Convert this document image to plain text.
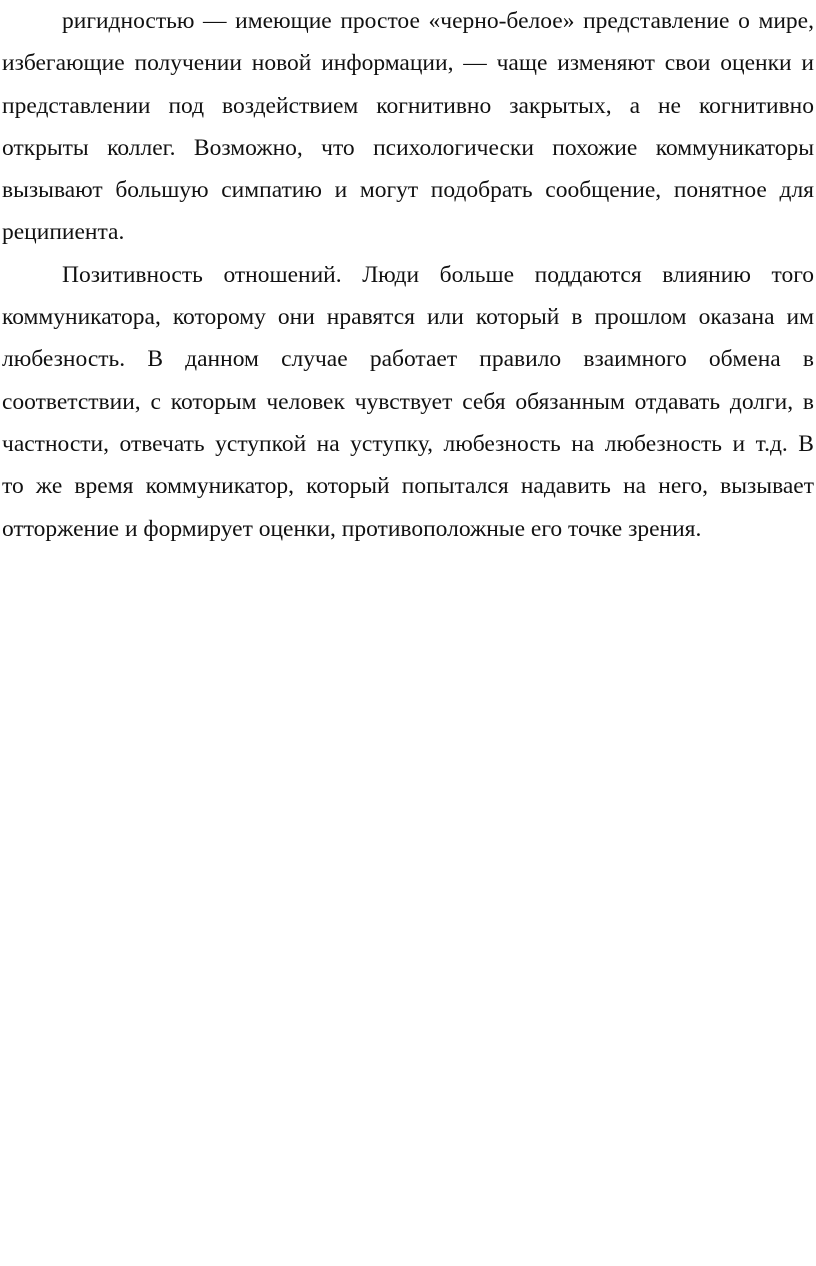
ригидностью — имеющие простое «черно-белое» представление о мире,
избегающие получении новой информации, — чаще изменяют свои оценки и
представлении под воздействием когнитивно закрытых, а не когнитивно
открыты коллег. Возможно, что психологически похожие коммуникаторы
вызывают большую симпатию и могут подобрать сообщение, понятное для
реципиента.
Позитивность отношений. Люди больше поддаются влиянию того
коммуникатора, которому они нравятся или который в прошлом оказана им
любезность. В данном случае работает правило взаимного обмена в
соответствии, с которым человек чувствует себя обязанным отдавать долги, в
частности, отвечать уступкой на уступку, любезность на любезность и т.д. В
то же время коммуникатор, который попытался надавить на него, вызывает
отторжение и формирует оценки, противоположные его точке зрения.
